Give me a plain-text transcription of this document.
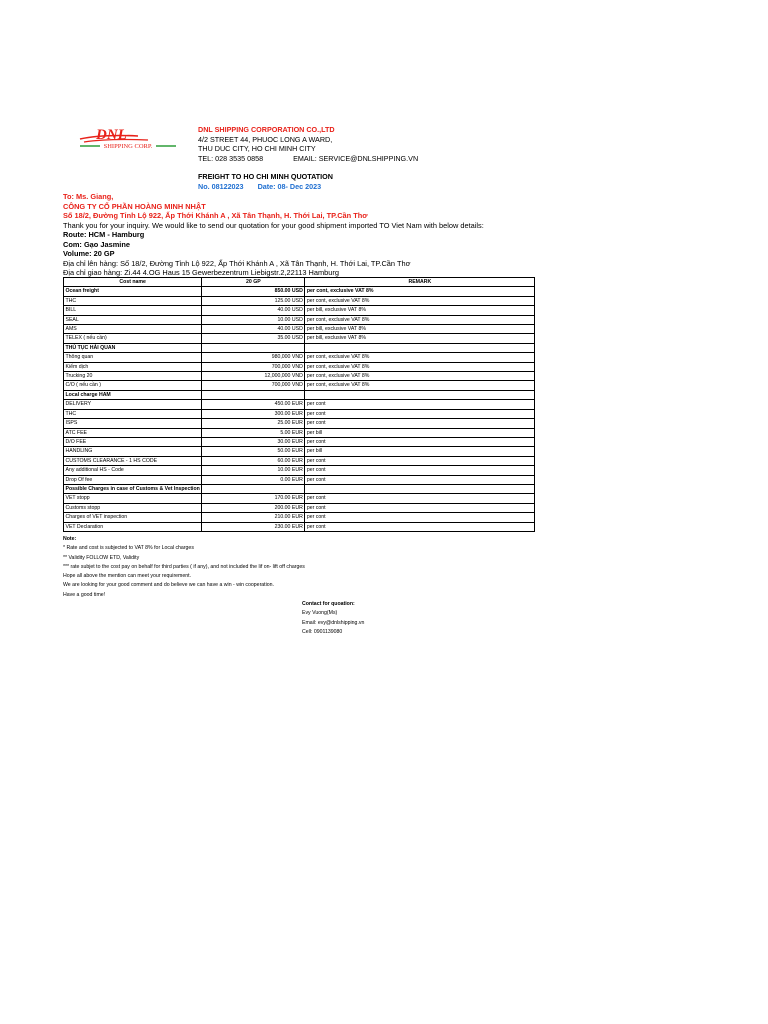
DNL
SHIPPING CORP.
DNL SHIPPING CORPORATION CO.,LTD
4/2 STREET 44, PHUOC LONG A WARD,
THU DUC CITY, HO CHI MINH CITY
TEL: 028 3535 0858	EMAIL: SERVICE@DNLSHIPPING.VN
FREIGHT TO HO CHI MINH QUOTATION
No. 08122023 Date: 08- Dec 2023
To: Ms. Giang,
CÔNG TY CỔ PHẦN HOÀNG MINH NHẬT
Số 18/2, Đường Tỉnh Lộ 922, Ấp Thới Khánh A , Xã Tân Thạnh, H. Thới Lai, TP.Cần Thơ
Thank you for your inquiry. We would like to send our quotation for your good shipment imported TO Viet Nam with below details:
Route: HCM - Hamburg
Com: Gạo Jasmine
Volume: 20 GP
Địa chỉ lên hàng: Số 18/2, Đường Tỉnh Lộ 922, Ấp Thới Khánh A , Xã Tân Thạnh, H. Thới Lai, TP.Cần Thơ
Địa chỉ giao hàng: Zi.44 4.OG Haus 15 Gewerbezentrum Liebigstr.2,22113 Hamburg
Cost name	20 GP	REMARK
Ocean freight	850.00 USD	per cont, exclusive VAT 8%
THC	125.00 USD	per cont, exclusive VAT 8%
BILL	40.00 USD	per bill, exclusive VAT 8%
SEAL	10.00 USD	per cont, exclusive VAT 8%
AMS	40.00 USD	per bill, exclusive VAT 8%
TELEX ( nếu cần)	35.00 USD	per bill, exclusive VAT 8%
THỦ TỤC HẢI QUAN		
Thông quan	980,000 VND	per cont, exclusive VAT 8%
Kiểm dịch	700,000 VND	per cont, exclusive VAT 8%
Trucking 20	12,000,000 VND	per cont, exclusive VAT 8%
C/O ( nếu cần )	700,000 VND	per cont, exclusive VAT 8%
Local charge HAM		
DELIVERY	450.00 EUR	per cont
THC	300.00 EUR	per cont
ISPS	25.00 EUR	per cont
ATC FEE	5.00 EUR	per bill
D/O FEE	30.00 EUR	per cont
HANDLING	50.00 EUR	per bill
CUSTOMS CLEARANCE - 1 HS CODE	60.00 EUR	per cont
Any additional HS - Code	10.00 EUR	per cont
Drop Of fee	0.00 EUR	per cont
Possible Charges in case of Customs & Vet Inspection		
VET stopp	170.00 EUR	per cont
Customs stopp	200.00 EUR	per cont
Charges of VET inspection	210.00 EUR	per cont
VET Declaration	230.00 EUR	per cont
Note:
* Rate and cost is subjected to VAT 8% for Local charges
** Validity FOLLOW ETD, Validity
*** rate subjet to the cost pay on behalf for third parties ( if any), and not included the lif on- lift off charges
Hope all above the mention can meet your requirement.
We are looking for your good comment and do believe we can have a win - win cooperation.
Have a good time!
Contact for quoation:
Evy Vuong(Ms)
Email: evy@dnlshipping.vn
Cell: 0901139080
